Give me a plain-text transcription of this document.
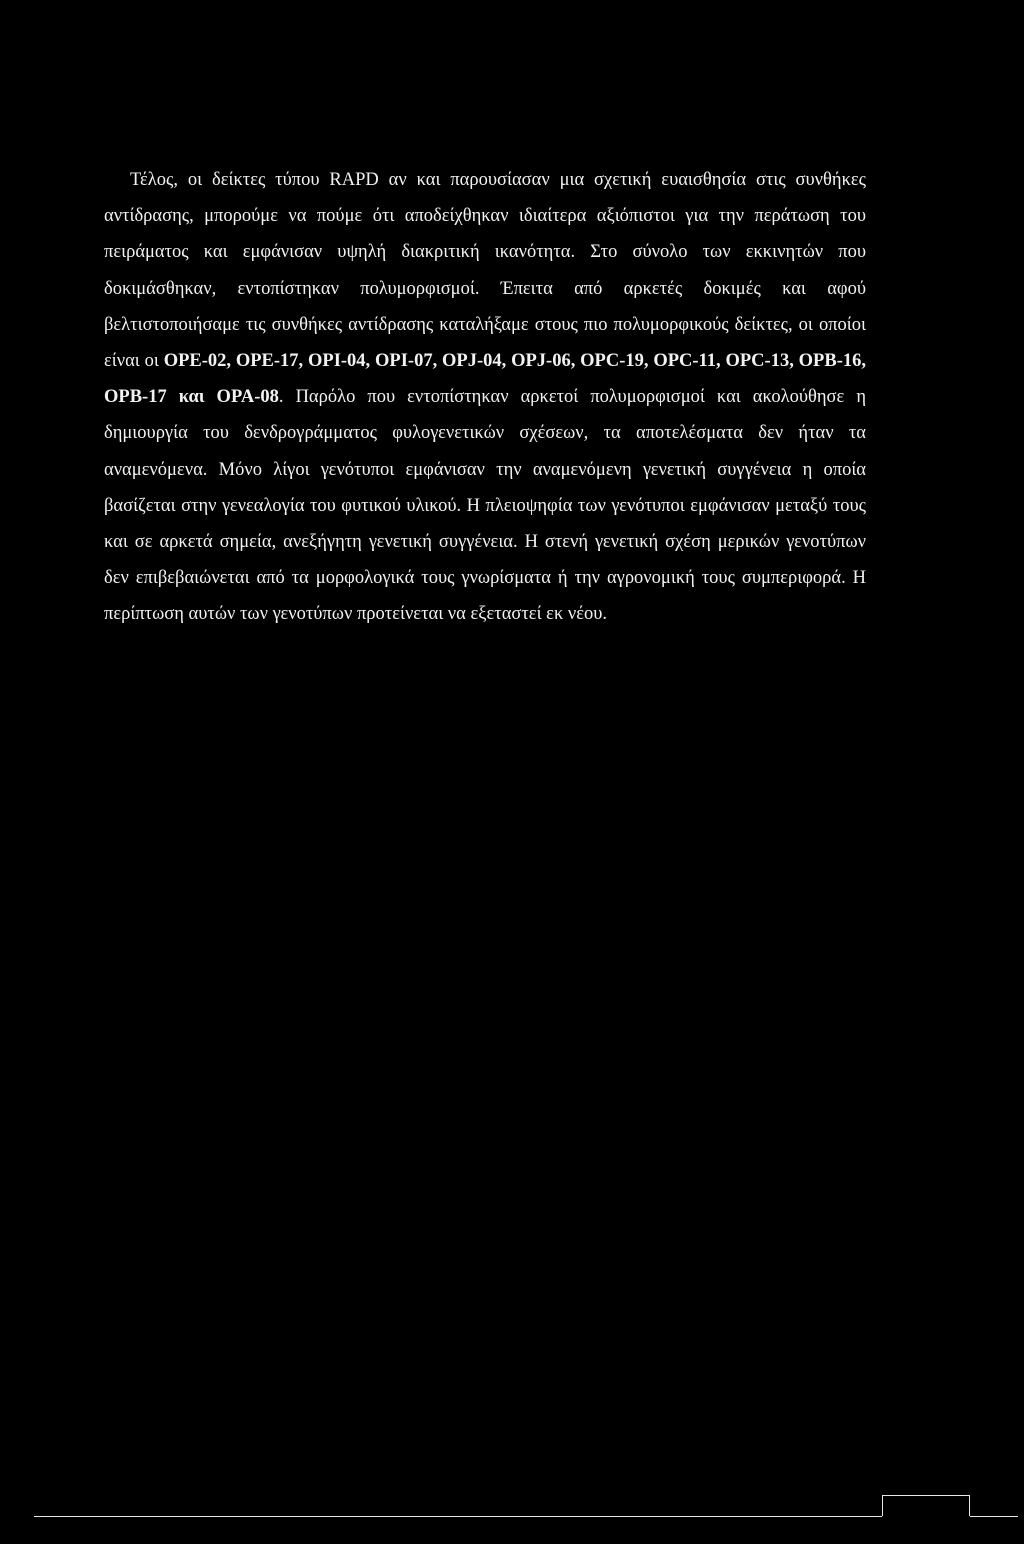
Τέλος, οι δείκτες τύπου RAPD αν και παρουσίασαν μια σχετική ευαισθησία στις συνθήκες αντίδρασης, μπορούμε να πούμε ότι αποδείχθηκαν ιδιαίτερα αξιόπιστοι για την περάτωση του πειράματος και εμφάνισαν υψηλή διακριτική ικανότητα. Στο σύνολο των εκκινητών που δοκιμάσθηκαν, εντοπίστηκαν πολυμορφισμοί. Έπειτα από αρκετές δοκιμές και αφού βελτιστοποιήσαμε τις συνθήκες αντίδρασης καταλήξαμε στους πιο πολυμορφικούς δείκτες, οι οποίοι είναι οι OPE-02, OPE-17, OPI-04, OPI-07, OPJ-04, OPJ-06, OPC-19, OPC-11, OPC-13, OPB-16, OPB-17 και OPA-08. Παρόλο που εντοπίστηκαν αρκετοί πολυμορφισμοί και ακολούθησε η δημιουργία του δενδρογράμματος φυλογενετικών σχέσεων, τα αποτελέσματα δεν ήταν τα αναμενόμενα. Μόνο λίγοι γενότυποι εμφάνισαν την αναμενόμενη γενετική συγγένεια η οποία βασίζεται στην γενεαλογία του φυτικού υλικού. Η πλειοψηφία των γενότυποι εμφάνισαν μεταξύ τους και σε αρκετά σημεία, ανεξήγητη γενετική συγγένεια. Η στενή γενετική σχέση μερικών γενοτύπων δεν επιβεβαιώνεται από τα μορφολογικά τους γνωρίσματα ή την αγρονομική τους συμπεριφορά. Η περίπτωση αυτών των γενοτύπων προτείνεται να εξεταστεί εκ νέου.
